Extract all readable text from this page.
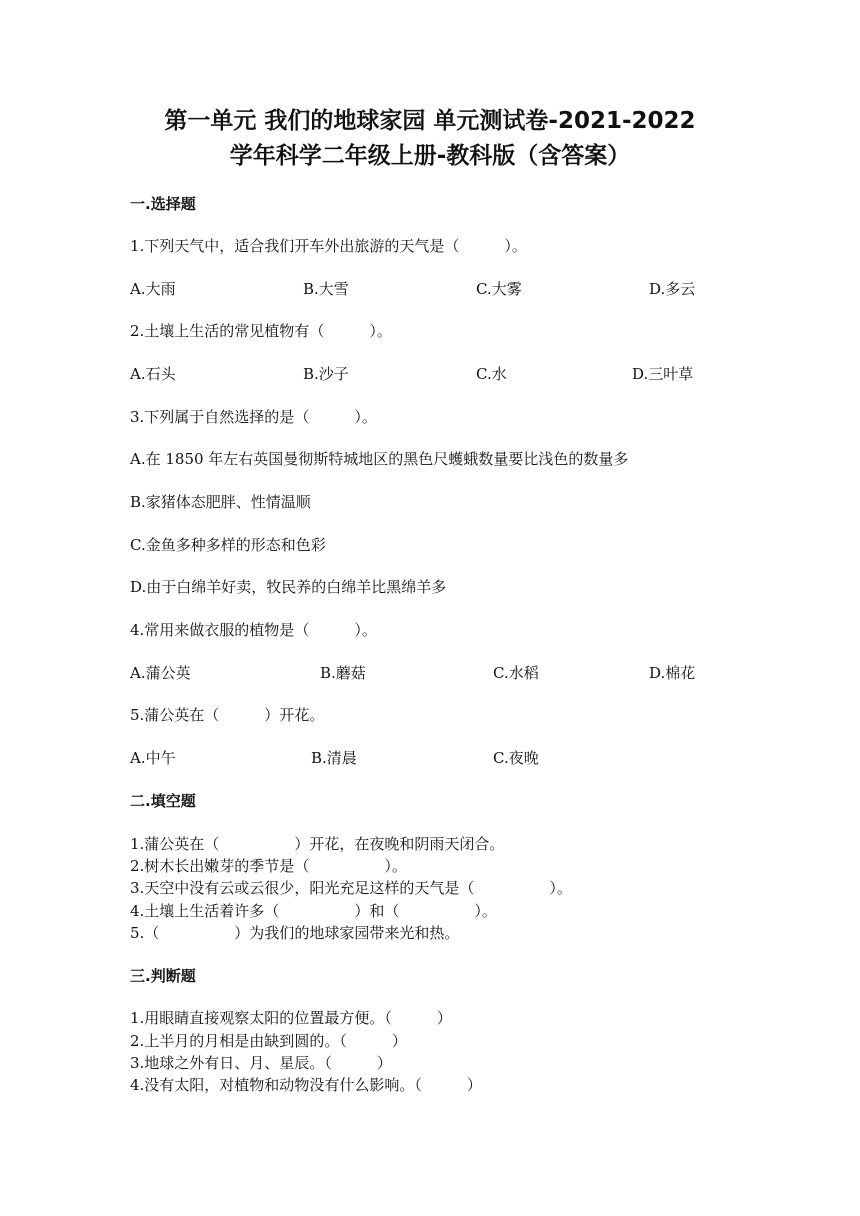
第一单元 我们的地球家园 单元测试卷-2021-2022
学年科学二年级上册-教科版（含答案）
一.选择题
1.下列天气中，适合我们开车外出旅游的天气是（　　　）。
A.大雨	B.大雪	C.大雾	D.多云
2.土壤上生活的常见植物有（　　　）。
A.石头	B.沙子	C.水	D.三叶草
3.下列属于自然选择的是（　　　）。
A.在 1850 年左右英国曼彻斯特城地区的黑色尺蠖蛾数量要比浅色的数量多
B.家猪体态肥胖、性情温顺
C.金鱼多种多样的形态和色彩
D.由于白绵羊好卖，牧民养的白绵羊比黑绵羊多
4.常用来做衣服的植物是（　　　）。
A.蒲公英	B.蘑菇	C.水稻	D.棉花
5.蒲公英在（　　　）开花。
A.中午	B.清晨	C.夜晚
二.填空题
1.蒲公英在（　　　　　）开花，在夜晚和阴雨天闭合。
2.树木长出嫩芽的季节是（　　　　　）。
3.天空中没有云或云很少，阳光充足这样的天气是（　　　　　）。
4.土壤上生活着许多（　　　　　）和（　　　　　）。
5.（　　　　　）为我们的地球家园带来光和热。
三.判断题
1.用眼睛直接观察太阳的位置最方便。（　　　）
2.上半月的月相是由缺到圆的。（　　　）
3.地球之外有日、月、星辰。（　　　）
4.没有太阳，对植物和动物没有什么影响。（　　　）
